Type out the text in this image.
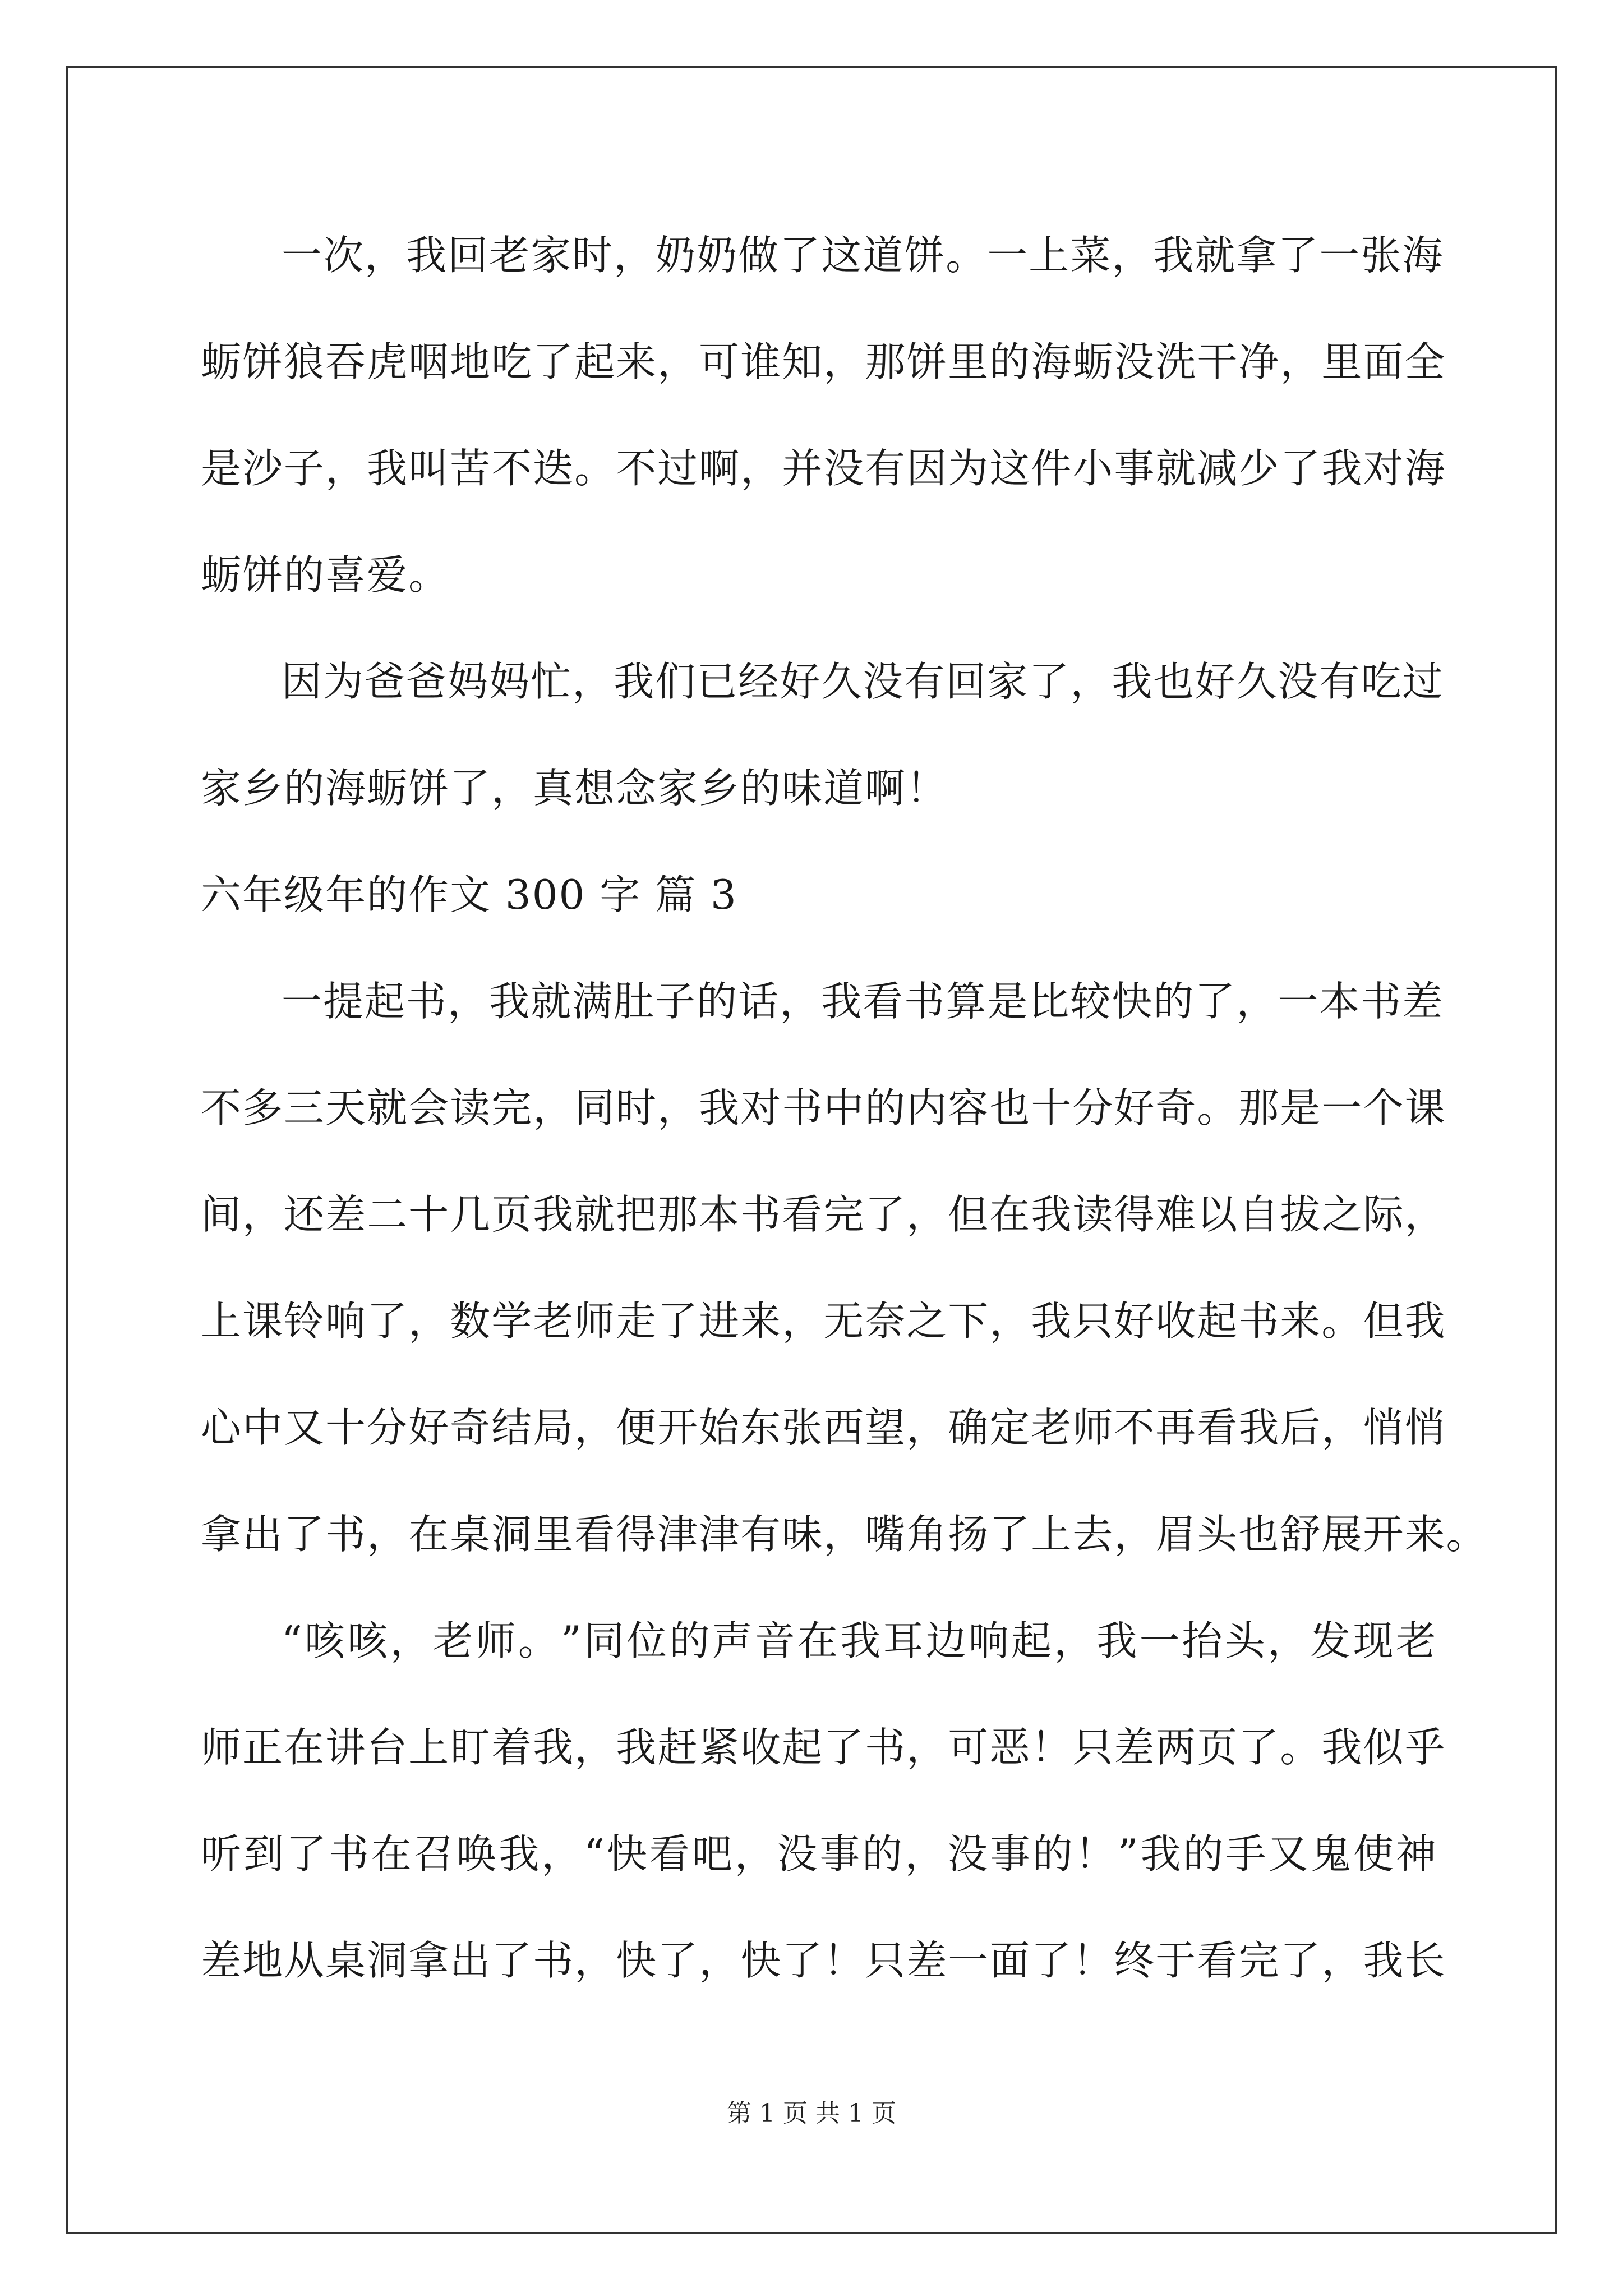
一 次 ， 我 回 老 家 时 ， 奶 奶 做 了 这 道 饼 。 一 上 菜 ， 我 就 拿 了 一 张 海
蛎 饼 狼 吞 虎 咽 地 吃 了 起 来 ， 可 谁 知 ， 那 饼 里 的 海 蛎 没 洗 干 净 ， 里 面 全
是 沙 子 ， 我 叫 苦 不 迭 。 不 过 啊 ， 并 没 有 因 为 这 件 小 事 就 减 少 了 我 对 海
蛎饼的喜爱。
因 为 爸 爸 妈 妈 忙 ， 我 们 已 经 好 久 没 有 回 家 了 ， 我 也 好 久 没 有 吃 过
家乡的海蛎饼了，真想念家乡的味道啊！
六年级年的作文 300 字 篇 3
一 提 起 书 ， 我 就 满 肚 子 的 话 ， 我 看 书 算 是 比 较 快 的 了 ， 一 本 书 差
不 多 三 天 就 会 读 完 ， 同 时 ， 我 对 书 中 的 内 容 也 十 分 好 奇 。 那 是 一 个 课
间 ， 还 差 二 十 几 页 我 就 把 那 本 书 看 完 了 ， 但 在 我 读 得 难 以 自 拔 之 际 ，
上 课 铃 响 了 ， 数 学 老 师 走 了 进 来 ， 无 奈 之 下 ， 我 只 好 收 起 书 来 。 但 我
心 中 又 十 分 好 奇 结 局 ， 便 开 始 东 张 西 望 ， 确 定 老 师 不 再 看 我 后 ， 悄 悄
拿 出 了 书 ， 在 桌 洞 里 看 得 津 津 有 味 ， 嘴 角 扬 了 上 去 ， 眉 头 也 舒 展 开 来 。
“ 咳 咳 ， 老 师 。 ” 同 位 的 声 音 在 我 耳 边 响 起 ， 我 一 抬 头 ， 发 现 老
师 正 在 讲 台 上 盯 着 我 ， 我 赶 紧 收 起 了 书 ， 可 恶 ！ 只 差 两 页 了 。 我 似 乎
听 到 了 书 在 召 唤 我 ， “ 快 看 吧 ， 没 事 的 ， 没 事 的 ！ ” 我 的 手 又 鬼 使 神
差 地 从 桌 洞 拿 出 了 书 ， 快 了 ， 快 了 ！ 只 差 一 面 了 ！ 终 于 看 完 了 ， 我 长
第 1 页 共 1 页
